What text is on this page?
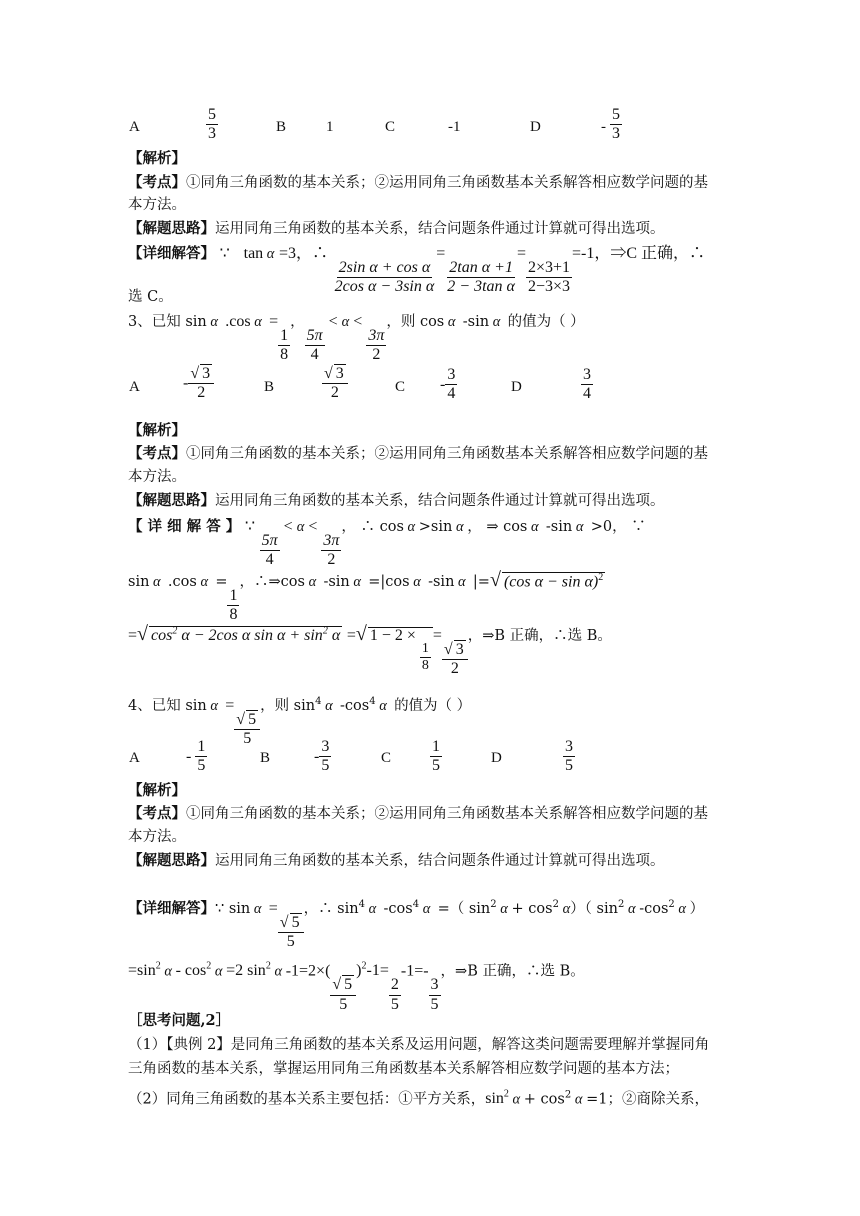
A	$\frac{5}{3}$	B	1	C	-1	D	- $\frac{5}{3}$
【解析】
【考点】①同角三角函数的基本关系；②运用同角三角函数基本关系解答相应数学问题的基
本方法。
【解题思路】运用同角三角函数的基本关系，结合问题条件通过计算就可得出选项。
【详细解答】 ∵ tan α =3，∴
$\frac{\text{2sin α + cos α}}{\text{2cos α − 3sin α}}$
=
$\frac{\text{2tan α +1}}{\text{2 − 3tan α}}$
=
$\frac{2\times 3+1}{2-3\times 3}$
=-1，⇒C 正确，∴
选 C。
3、已知 sin α  .cos α  =
$\frac{1}{8}$
，
$\frac{5\pi}{4}$
< α <
$\frac{3\pi}{2}$
，则 cos α  -sin α  的值为（ ）
A	- $\frac{√ 3}{2}$	B	$\frac{√ 3}{2}$	C - $\frac{3}{4}$	D	$\frac{3}{4}$
【解析】
【考点】①同角三角函数的基本关系；②运用同角三角函数基本关系解答相应数学问题的基
本方法。
【解题思路】运用同角三角函数的基本关系，结合问题条件通过计算就可得出选项。
【 详 细 解 答 】 ∵
$\frac{5\pi}{4}$
< α <
$\frac{3\pi}{2}$
， ∴ cos α >sin α ， ⇒ cos α  -sin α  >0， ∵
sin α  .cos α  =
$\frac{1}{8}$
，∴⇒cos α  -sin α  =|cos α  -sin α  |=√ (cos α − sin α)$^2$
=√ $\cos^2 \alpha - 2\cos$ α $\sin \alpha + \sin^2 \alpha$ =√ 1 − 2 ×
$\frac{1}{8}$
=
$\frac{√ 3}{2}$
，⇒B 正确，∴选 B。
4、已知 sin α  =
$\frac{√ 5}{5}$
，则 $\sin^4 \alpha$  $-\cos^4$ α  的值为（ ）
A	- $\frac{1}{5}$	B	- $\frac{3}{5}$	C $\frac{1}{5}$	D	$\frac{3}{5}$
【解析】
【考点】①同角三角函数的基本关系；②运用同角三角函数基本关系解答相应数学问题的基
本方法。
【解题思路】运用同角三角函数的基本关系，结合问题条件通过计算就可得出选项。
【详细解答】∵ sin α  =
$\frac{√ 5}{5}$
，∴ $\sin^4 \alpha$  $-\cos^4$ α  =（ $\sin^2 \alpha + \cos^2 \alpha$）（ $\sin^2 \alpha$ $-\cos^2$ α ）
$=\sin^2$ $\alpha - \cos^2 \alpha =2$ $\sin^2 \alpha$ -1=2×(
$\frac{√ 5}{5}$
)$^2$-1=
$\frac{2}{5}$
-1=-
$\frac{3}{5}$
，⇒B 正确，∴选 B。
［思考问题,2］
（1）【典例 2】是同角三角函数的基本关系及运用问题，解答这类问题需要理解并掌握同角
三角函数的基本关系，掌握运用同角三角函数基本关系解答相应数学问题的基本方法；
（2）同角三角函数的基本关系主要包括：①平方关系，$\sin^2 \alpha + \cos^2 \alpha =1$；②商除关系，
